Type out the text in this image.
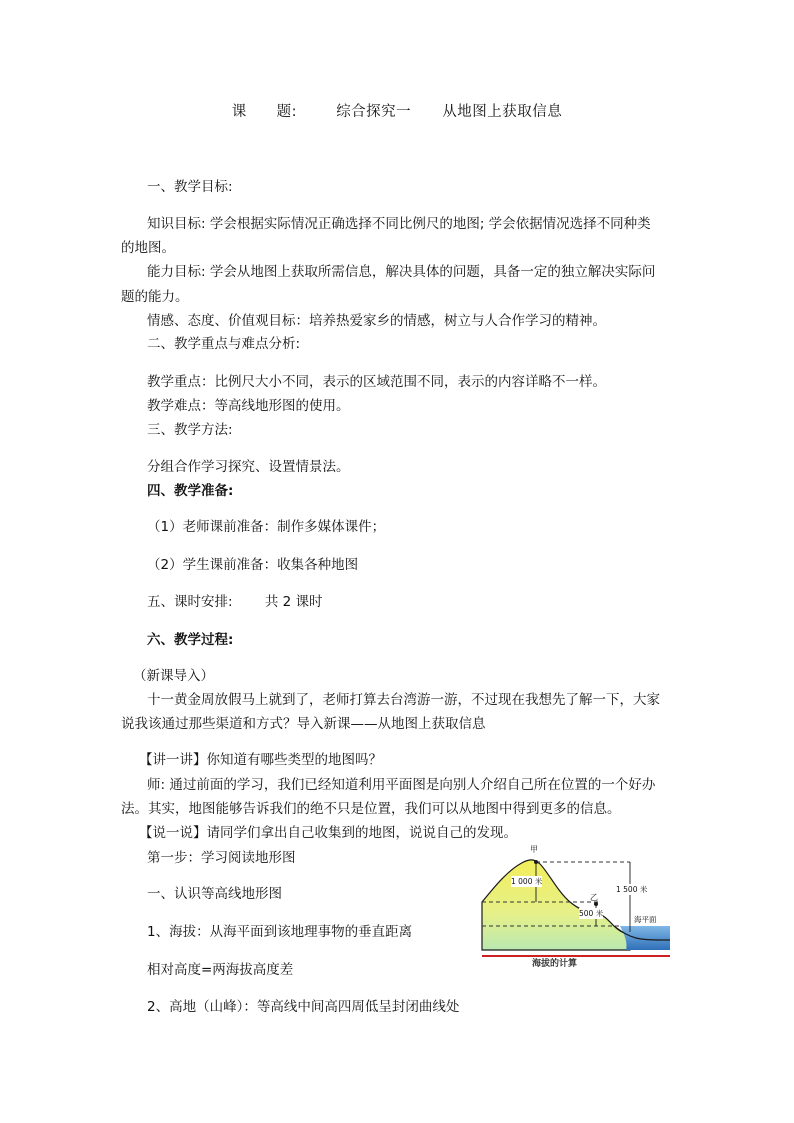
课　　题:	综合探究一 从地图上获取信息
一、教学目标:
知识目标: 学会根据实际情况正确选择不同比例尺的地图; 学会依据情况选择不同种类
的地图。
能力目标: 学会从地图上获取所需信息，解决具体的问题，具备一定的独立解决实际问
题的能力。
情感、态度、价值观目标：培养热爱家乡的情感，树立与人合作学习的精神。
二、教学重点与难点分析:
教学重点：比例尺大小不同，表示的区域范围不同，表示的内容详略不一样。
教学难点：等高线地形图的使用。
三、教学方法:
分组合作学习探究、设置情景法。
四、教学准备:
（1）老师课前准备：制作多媒体课件；
（2）学生课前准备：收集各种地图
五、课时安排: 共 2 课时
六、教学过程:
（新课导入）
十一黄金周放假马上就到了，老师打算去台湾游一游，不过现在我想先了解一下，大家
说我该通过那些渠道和方式？导入新课——从地图上获取信息
【讲一讲】你知道有哪些类型的地图吗？
师: 通过前面的学习，我们已经知道利用平面图是向别人介绍自己所在位置的一个好办
法。其实，地图能够告诉我们的绝不只是位置，我们可以从地图中得到更多的信息。
【说一说】请同学们拿出自己收集到的地图，说说自己的发现。
第一步：学习阅读地形图
一、认识等高线地形图
1、海拔：从海平面到该地理事物的垂直距离
相对高度=两海拔高度差
2、高地（山峰）：等高线中间高四周低呈封闭曲线处
甲
乙
1 000 米
1 500 米
500 米
海平面
海拔的计算
